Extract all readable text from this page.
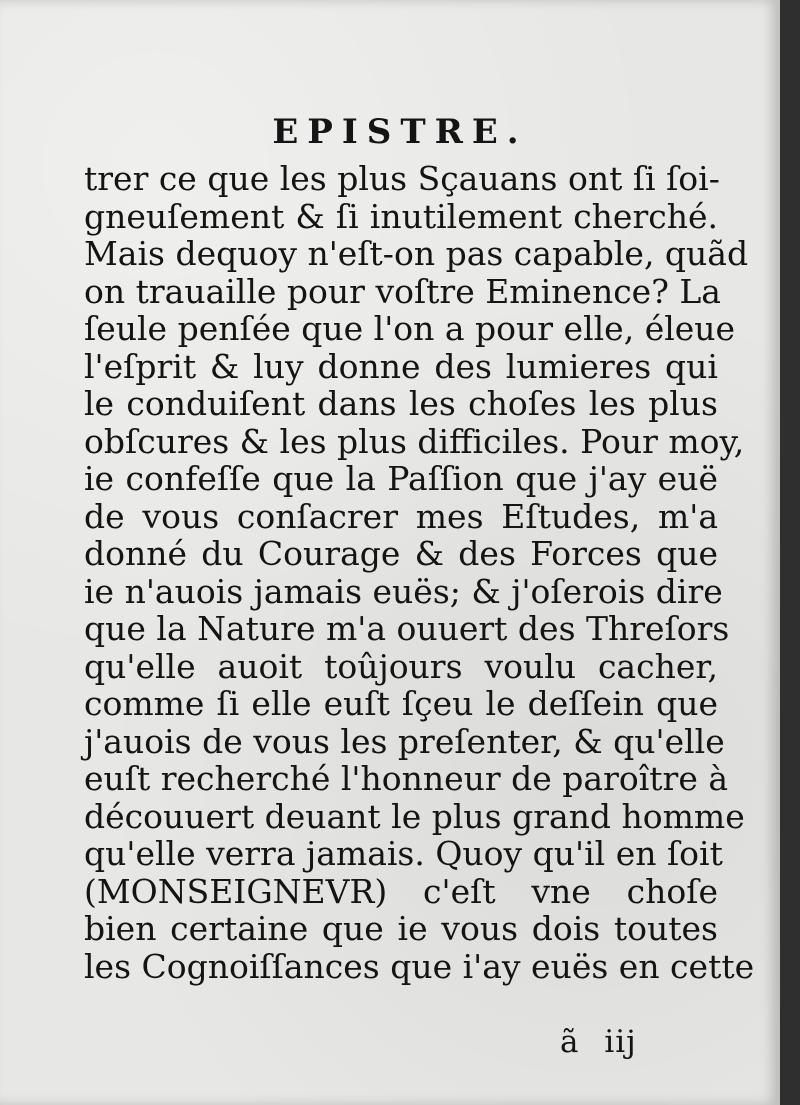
EPISTRE.
trer ce que les plus Sçauans ont ſi ſoi-
gneuſement & ſi inutilement cherché.
Mais dequoy n'eſt-on pas capable, quãd
on trauaille pour voſtre Eminence? La
ſeule penſée que l'on a pour elle, éleue
l'eſprit & luy donne des lumieres qui
le conduiſent dans les choſes les plus
obſcures & les plus difficiles. Pour moy,
ie confeſſe que la Paſſion que j'ay euë
de vous conſacrer mes Eſtudes, m'a
donné du Courage & des Forces que
ie n'auois jamais euës; & j'oſerois dire
que la Nature m'a ouuert des Threſors
qu'elle auoit toûjours voulu cacher,
comme ſi elle euſt ſçeu le deſſein que
j'auois de vous les preſenter, & qu'elle
euſt recherché l'honneur de paroître à
découuert deuant le plus grand homme
qu'elle verra jamais. Quoy qu'il en ſoit
(MONSEIGNEVR) c'eſt vne choſe
bien certaine que ie vous dois toutes
les Cognoiſſances que i'ay euës en cette
ã iij
